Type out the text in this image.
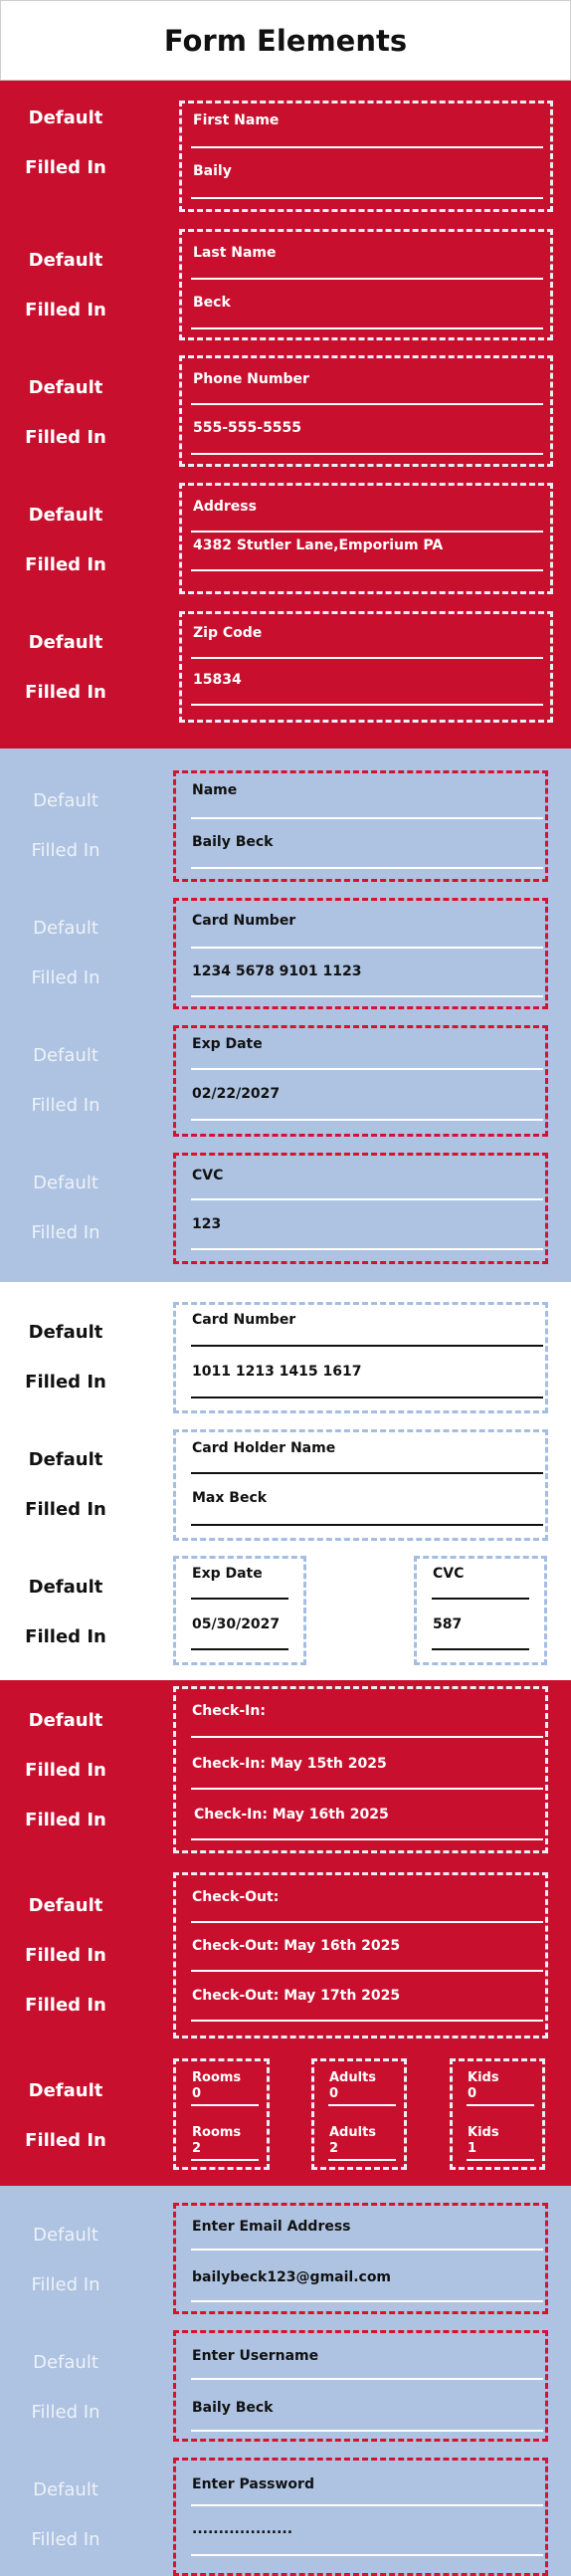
Form Elements
Default
Filled In
First Name
Baily
Default
Filled In
Last Name
Beck
Default
Filled In
Phone Number
555-555-5555
Default
Filled In
Address
4382 Stutler Lane,Emporium PA
Default
Filled In
Zip Code
15834
Default
Filled In
Name
Baily Beck
Default
Filled In
Card Number
1234 5678 9101 1123
Default
Filled In
Exp Date
02/22/2027
Default
Filled In
CVC
123
Default
Filled In
Card Number
1011 1213 1415 1617
Default
Filled In
Card Holder Name
Max Beck
Default
Filled In
Exp Date
05/30/2027
CVC
587
Default
Filled In
Filled In
Check-In:
Check-In: May 15th 2025
Check-In: May 16th 2025
Default
Filled In
Filled In
Check-Out:
Check-Out: May 16th 2025
Check-Out: May 17th 2025
Default
Filled In
Rooms
0
Rooms
2
Adults
0
Adults
2
Kids
0
Kids
1
Default
Filled In
Enter Email Address
bailybeck123@gmail.com
Default
Filled In
Enter Username
Baily Beck
Default
Filled In
Enter Password
...................
